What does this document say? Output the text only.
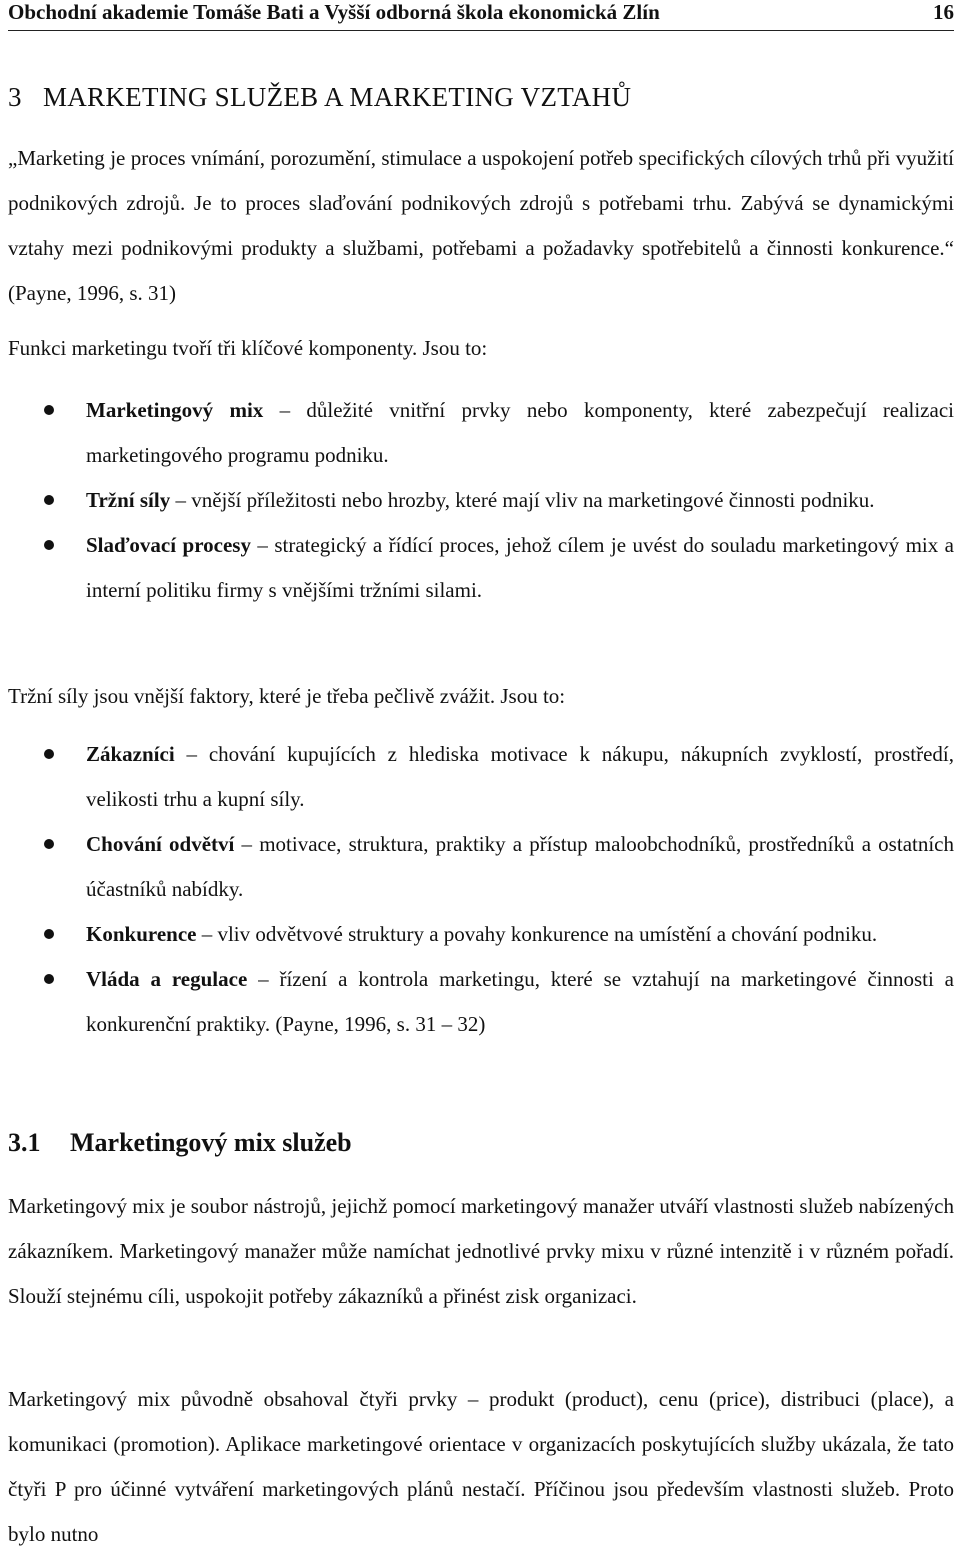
Obchodní akademie Tomáše Bati a Vyšší odborná škola ekonomická Zlín	16
3   MARKETING SLUŽEB A MARKETING VZTAHŮ

„Marketing je proces vnímání, porozumění, stimulace a uspokojení potřeb specifických cílových trhů při využití podnikových zdrojů. Je to proces slaďování podnikových zdrojů s potřebami trhu. Zabývá se dynamickými vztahy mezi podnikovými produkty a službami, potřebami a požadavky spotřebitelů a činnosti konkurence.“ (Payne, 1996, s. 31)

Funkci marketingu tvoří tři klíčové komponenty. Jsou to:

Marketingový mix – důležité vnitřní prvky nebo komponenty, které zabezpečují realizaci marketingového programu podniku.
Tržní síly – vnější příležitosti nebo hrozby, které mají vliv na marketingové činnosti podniku.
Slaďovací procesy – strategický a řídící proces, jehož cílem je uvést do souladu marketingový mix a interní politiku firmy s vnějšími tržními silami.

Tržní síly jsou vnější faktory, které je třeba pečlivě zvážit. Jsou to:

Zákazníci – chování kupujících z hlediska motivace k nákupu, nákupních zvyklostí, prostředí, velikosti trhu a kupní síly.
Chování odvětví – motivace, struktura, praktiky a přístup maloobchodníků, prostředníků a ostatních účastníků nabídky.
Konkurence – vliv odvětvové struktury a povahy konkurence na umístění a chování podniku.
Vláda a regulace – řízení a kontrola marketingu, které se vztahují na marketingové činnosti a konkurenční praktiky. (Payne, 1996, s. 31 – 32)
3.1 Marketingový mix služeb

Marketingový mix je soubor nástrojů, jejichž pomocí marketingový manažer utváří vlastnosti služeb nabízených zákazníkem. Marketingový manažer může namíchat jednotlivé prvky mixu v různé intenzitě i v různém pořadí. Slouží stejnému cíli, uspokojit potřeby zákazníků a přinést zisk organizaci.

Marketingový mix původně obsahoval čtyři prvky – produkt (product), cenu (price), distribuci (place), a komunikaci (promotion). Aplikace marketingové orientace v organizacích poskytujících služby ukázala, že tato čtyři P pro účinné vytváření marketingových plánů nestačí. Příčinou jsou především vlastnosti služeb. Proto bylo nutno
